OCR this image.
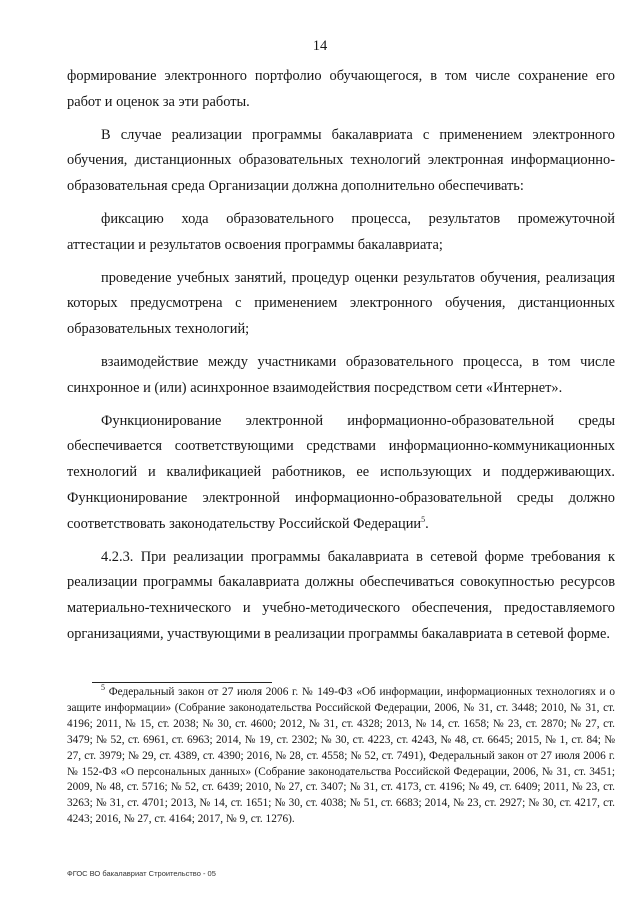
14

формирование электронного портфолио обучающегося, в том числе сохранение его работ и оценок за эти работы.

В случае реализации программы бакалавриата с применением электронного обучения, дистанционных образовательных технологий электронная информационно-образовательная среда Организации должна дополнительно обеспечивать:

фиксацию хода образовательного процесса, результатов промежуточной аттестации и результатов освоения программы бакалавриата;

проведение учебных занятий, процедур оценки результатов обучения, реализация которых предусмотрена с применением электронного обучения, дистанционных образовательных технологий;

взаимодействие между участниками образовательного процесса, в том числе синхронное и (или) асинхронное взаимодействия посредством сети «Интернет».

Функционирование электронной информационно-образовательной среды обеспечивается соответствующими средствами информационно-коммуникационных технологий и квалификацией работников, ее использующих и поддерживающих. Функционирование электронной информационно-образовательной среды должно соответствовать законодательству Российской Федерации$^5$.

4.2.3. При реализации программы бакалавриата в сетевой форме требования к реализации программы бакалавриата должны обеспечиваться совокупностью ресурсов материально-технического и учебно-методического обеспечения, предоставляемого организациями, участвующими в реализации программы бакалавриата в сетевой форме.

$^5$ Федеральный закон от 27 июля 2006 г. № 149-ФЗ «Об информации, информационных технологиях и о защите информации» (Собрание законодательства Российской Федерации, 2006, № 31, ст. 3448; 2010, № 31, ст. 4196; 2011, № 15, ст. 2038; № 30, ст. 4600; 2012, № 31, ст. 4328; 2013, № 14, ст. 1658; № 23, ст. 2870; № 27, ст. 3479; № 52, ст. 6961, ст. 6963; 2014, № 19, ст. 2302; № 30, ст. 4223, ст. 4243, № 48, ст. 6645; 2015, № 1, ст. 84; № 27, ст. 3979; № 29, ст. 4389, ст. 4390; 2016, № 28, ст. 4558; № 52, ст. 7491), Федеральный закон от 27 июля 2006 г. № 152-ФЗ «О персональных данных» (Собрание законодательства Российской Федерации, 2006, № 31, ст. 3451; 2009, № 48, ст. 5716; № 52, ст. 6439; 2010, № 27, ст. 3407; № 31, ст. 4173, ст. 4196; № 49, ст. 6409; 2011, № 23, ст. 3263; № 31, ст. 4701; 2013, № 14, ст. 1651; № 30, ст. 4038; № 51, ст. 6683; 2014, № 23, ст. 2927; № 30, ст. 4217, ст. 4243; 2016, № 27, ст. 4164; 2017, № 9, ст. 1276).
ФГОС ВО бакалавриат Строительство - 05
